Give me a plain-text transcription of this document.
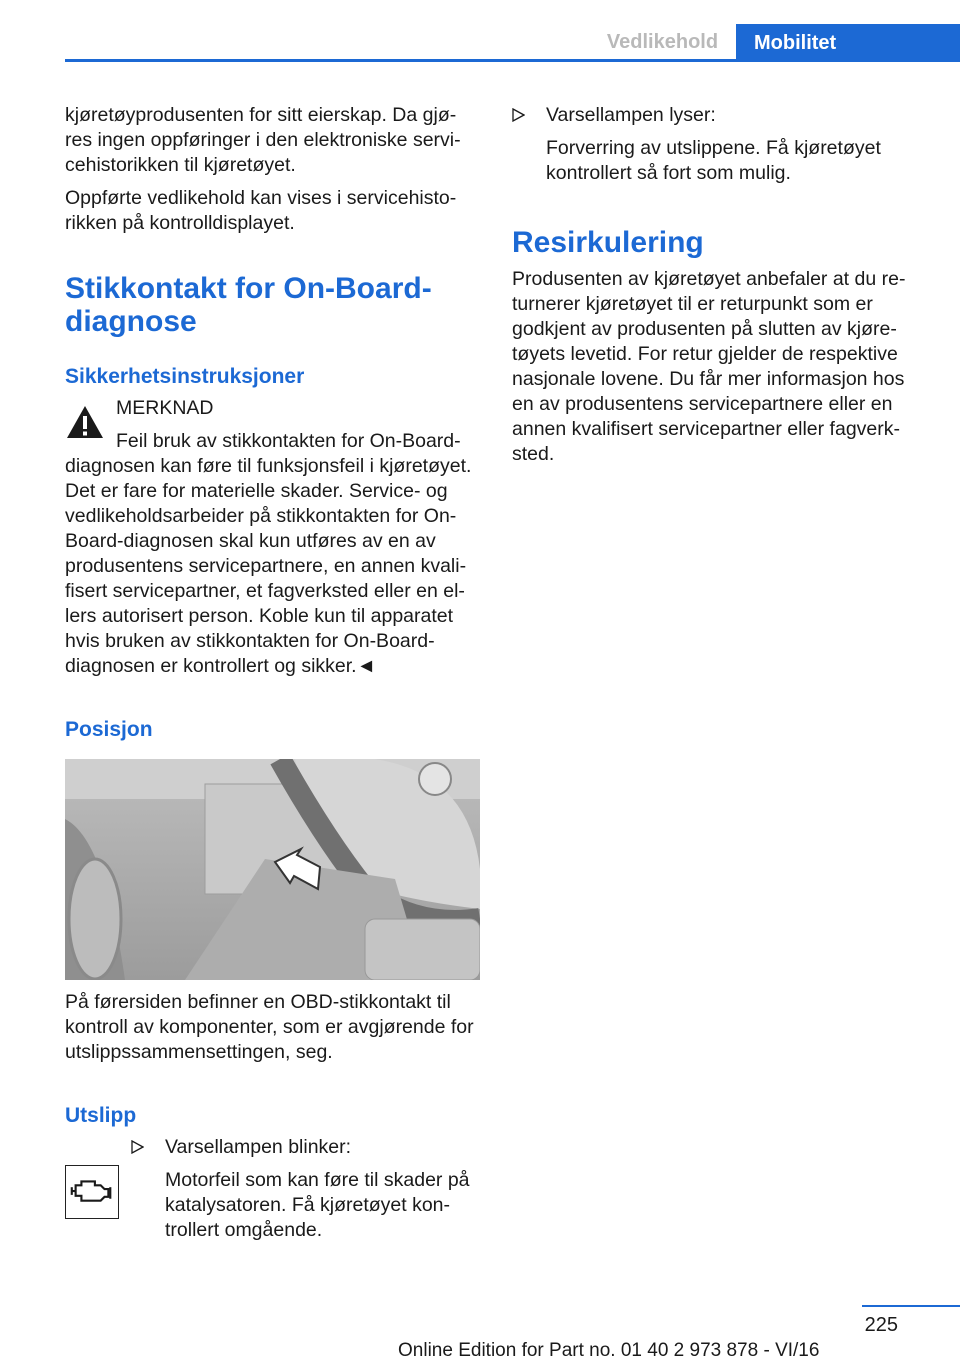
Vedlikehold	Mobilitet

kjøretøyprodusenten for sitt eierskap. Da gjø-res ingen oppføringer i den elektroniske servi-cehistorikken til kjøretøyet.

Oppførte vedlikehold kan vises i servicehisto-rikken på kontrolldisplayet.

Stikkontakt for On-Board-diagnose
Sikkerhetsinstruksjoner

MERKNAD

Feil bruk av stikkontakten for On-Board-

diagnosen kan føre til funksjonsfeil i kjøretøyet. Det er fare for materielle skader. Service- og vedlikeholdsarbeider på stikkontakten for On-Board-diagnosen skal kun utføres av en av produsentens servicepartnere, en annen kvali-fisert servicepartner, et fagverksted eller en el-lers autorisert person. Koble kun til apparatet hvis bruken av stikkontakten for On-Board-diagnosen er kontrollert og sikker.◄

Posisjon

På førersiden befinner en OBD-stikkontakt til kontroll av komponenter, som er avgjørende for utslippssammensettingen, seg.

Utslipp

Varsellampen blinker:

Motorfeil som kan føre til skader på katalysatoren. Få kjøretøyet kon-trollert omgående.

Varsellampen lyser:

Forverring av utslippene. Få kjøretøyet kontrollert så fort som mulig.

Resirkulering

Produsenten av kjøretøyet anbefaler at du re-turnerer kjøretøyet til er returpunkt som er godkjent av produsenten på slutten av kjøre-tøyets levetid. For retur gjelder de respektive nasjonale lovene. Du får mer informasjon hos en av produsentens servicepartnere eller en annen kvalifisert servicepartner eller fagverk-sted.

225
Online Edition for Part no. 01 40 2 973 878 - VI/16
